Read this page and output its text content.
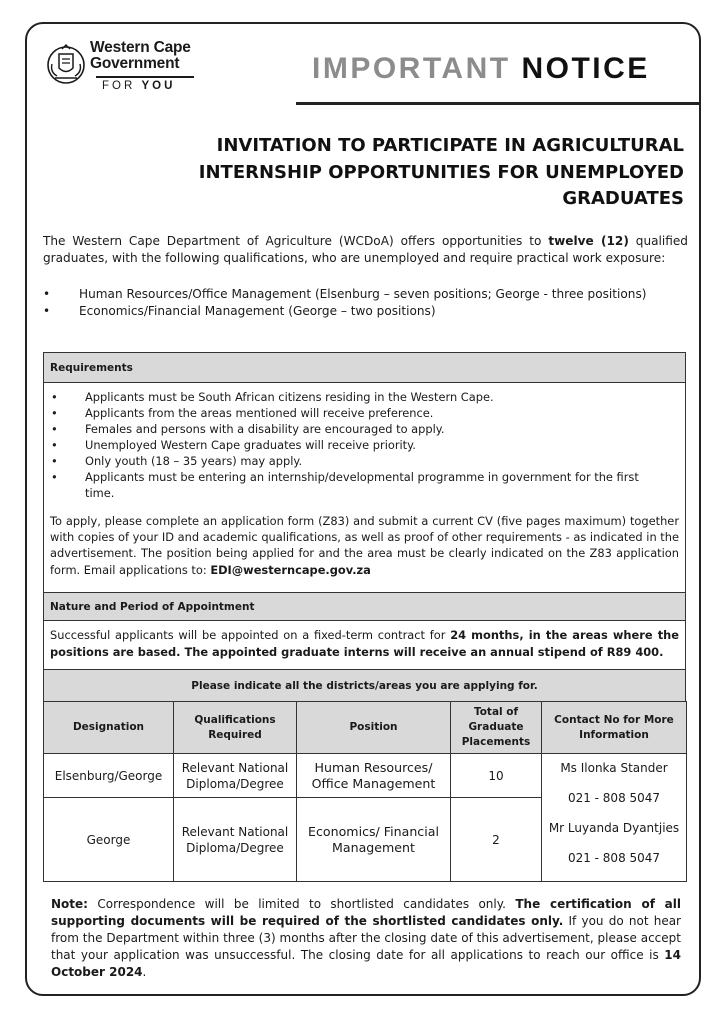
Western Cape
Government
FOR YOU
IMPORTANT NOTICE
INVITATION TO PARTICIPATE IN AGRICULTURAL
INTERNSHIP OPPORTUNITIES FOR UNEMPLOYED
GRADUATES
The Western Cape Department of Agriculture (WCDoA) offers opportunities to twelve (12) qualified graduates, with the following qualifications, who are unemployed and require practical work exposure:
• Human Resources/Office Management (Elsenburg – seven positions; George - three positions)
• Economics/Financial Management (George – two positions)
Requirements
• Applicants must be South African citizens residing in the Western Cape.
• Applicants from the areas mentioned will receive preference.
• Females and persons with a disability are encouraged to apply.
• Unemployed Western Cape graduates will receive priority.
• Only youth (18 – 35 years) may apply.
• Applicants must be entering an internship/developmental programme in government for the first time.
To apply, please complete an application form (Z83) and submit a current CV (five pages maximum) together with copies of your ID and academic qualifications, as well as proof of other requirements - as indicated in the advertisement. The position being applied for and the area must be clearly indicated on the Z83 application form. Email applications to: EDI@westerncape.gov.za
Nature and Period of Appointment
Successful applicants will be appointed on a fixed-term contract for 24 months, in the areas where the positions are based. The appointed graduate interns will receive an annual stipend of R89 400.
Please indicate all the districts/areas you are applying for.
Designation	Qualifications Required	Position	Total of Graduate Placements	Contact No for More Information
Elsenburg/George	Relevant National Diploma/Degree	Human Resources/ Office Management	10	Ms Ilonka Stander
021 - 808 5047
Mr Luyanda Dyantjies
021 - 808 5047

George	Relevant National Diploma/Degree	Economics/ Financial Management	2	
Note: Correspondence will be limited to shortlisted candidates only. The certification of all supporting documents will be required of the shortlisted candidates only. If you do not hear from the Department within three (3) months after the closing date of this advertisement, please accept that your application was unsuccessful. The closing date for all applications to reach our office is 14 October 2024.
